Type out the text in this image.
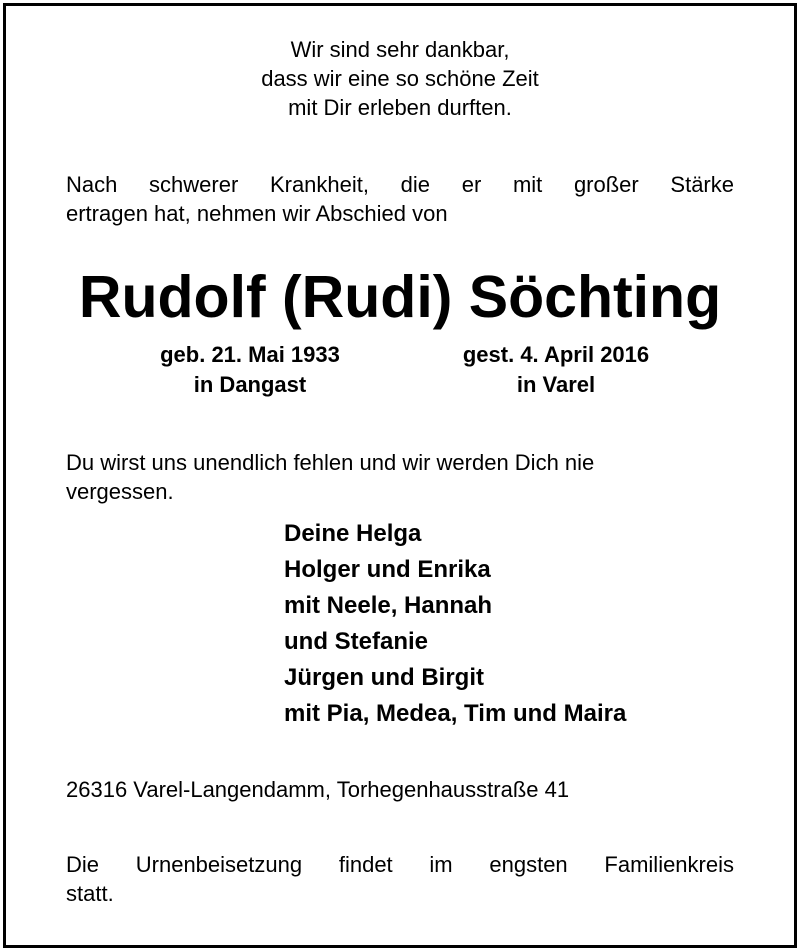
Wir sind sehr dankbar,
dass wir eine so schöne Zeit
mit Dir erleben durften.
Nach schwerer Krankheit, die er mit großer Stärke
ertragen hat, nehmen wir Abschied von
Rudolf (Rudi) Söchting
geb. 21. Mai 1933
in Dangast
gest. 4. April 2016
in Varel
Du wirst uns unendlich fehlen und wir werden Dich nie
vergessen.
Deine Helga
Holger und Enrika
mit Neele, Hannah
und Stefanie
Jürgen und Birgit
mit Pia, Medea, Tim und Maira
26316 Varel-Langendamm, Torhegenhausstraße 41
Die Urnenbeisetzung findet im engsten Familienkreis
statt.
